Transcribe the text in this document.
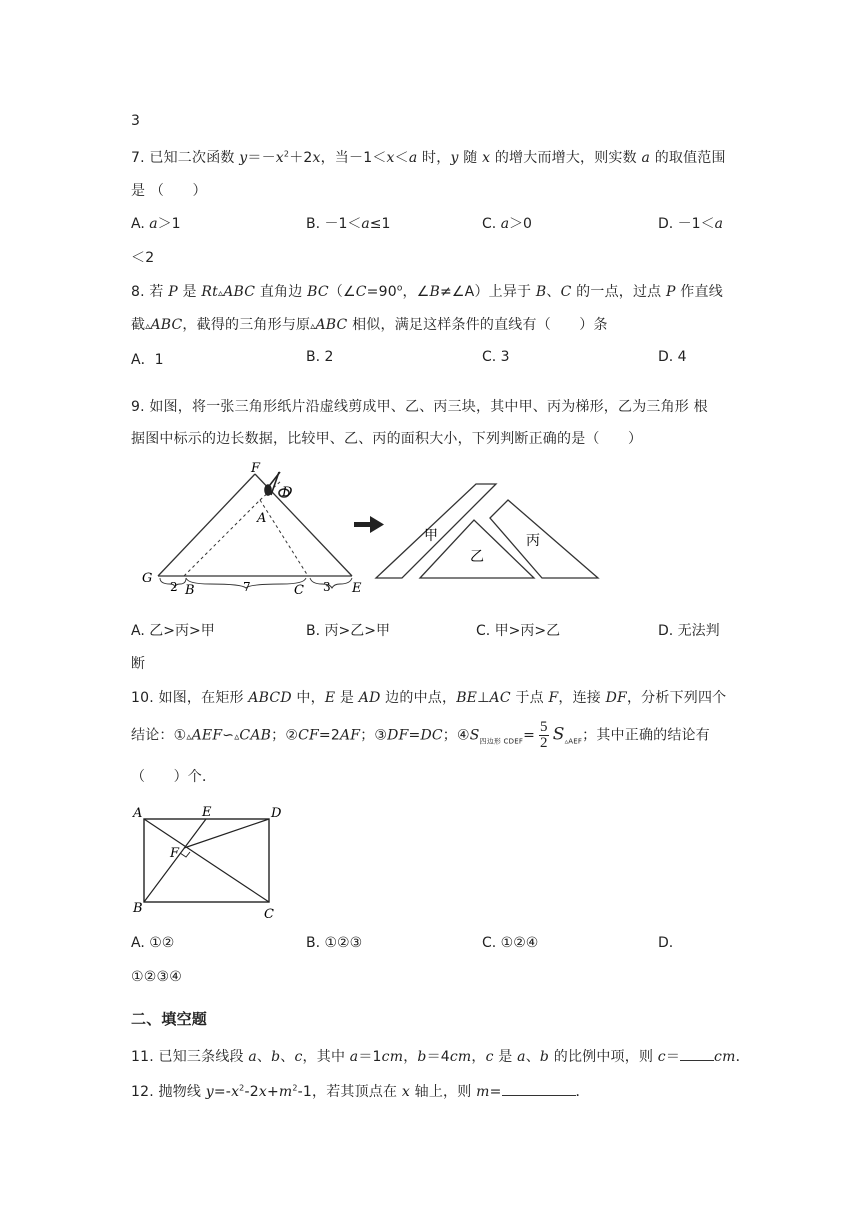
3
7. 已知二次函数 $y=-x^2+2x$，当－1＜x＜a 时，y 随 x 的增大而增大，则实数 a 的取值范围
是 （　　）
A. a＞1	B. －1＜a≤1	C. a＞0	D. －1＜a
＜2
8. 若 P 是 Rt▵ABC 直角边 $BC(\angle C=90^o$，∠B≠∠A）上异于 B、C 的一点，过点 P 作直线
截▵ABC，截得的三角形与原▵ABC 相似，满足这样条件的直线有（　　）条
A．1	B. 2	C. 3	D. 4
9. 如图，将一张三角形纸片沿虚线剪成甲、乙、丙三块，其中甲、丙为梯形，乙为三角形 根
据图中标示的边长数据，比较甲、乙、丙的面积大小，下列判断正确的是（　　）
F
D
A
G
B	C	E
2	7	3
甲
乙
丙
A. 乙>丙>甲	B. 丙>乙>甲	C. 甲>丙>乙	D. 无法判
断
10. 如图，在矩形 ABCD 中，E 是 AD 边的中点，BE⊥AC 于点 F，连接 DF，分析下列四个
结论：①▵AEF∽▵CAB；②CF=2AF；③DF=DC；$④S_{四边形 CDEF}= \frac{5}{2} S_{▵AEF}$；其中正确的结论有
（　　）个．
A	E	D
F
B	C
A. ①②	B. ①②③	C. ①②④	D.
①②③④
二、填空题
11. 已知三条线段 a、b、c，其中 a＝1cm，b＝4cm，c 是 a、b 的比例中项，则 c＝ cm．
12. 抛物线 $y=-x^2-2x+m^2-1$，若其顶点在 x 轴上，则 m=	．
